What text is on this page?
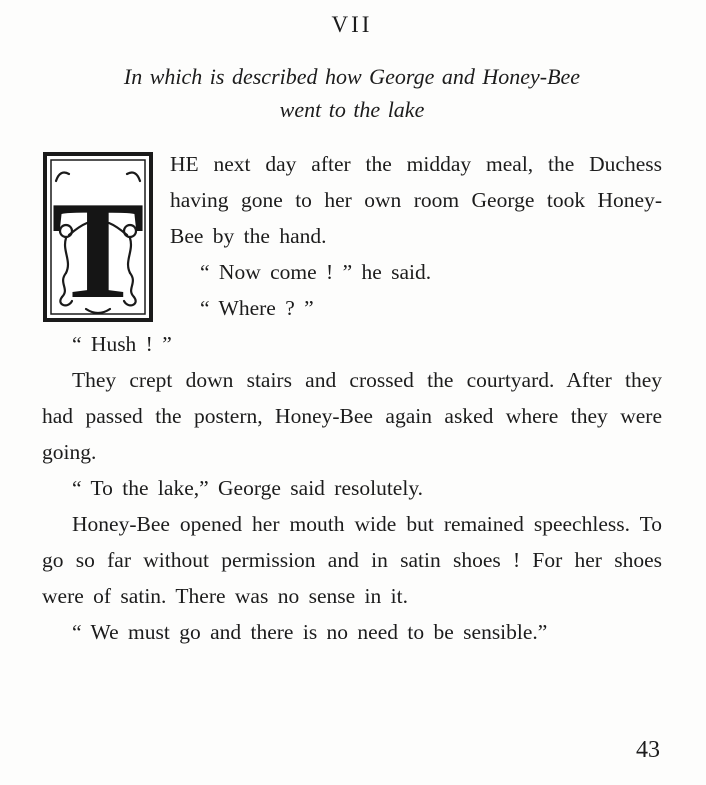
VII
In which is described how George and Honey-Bee
went to the lake
T

HE next day after the midday meal, the Duchess having gone to her own room George took Honey-Bee by the hand.

“ Now come ! ” he said.

“ Where ? ”

“ Hush ! ”

They crept down stairs and crossed the courtyard. After they had passed the postern, Honey-Bee again asked where they were going.

“ To the lake,” George said resolutely.

Honey-Bee opened her mouth wide but remained speechless. To go so far without permission and in satin shoes ! For her shoes were of satin. There was no sense in it.

“ We must go and there is no need to be sensible.”

43
